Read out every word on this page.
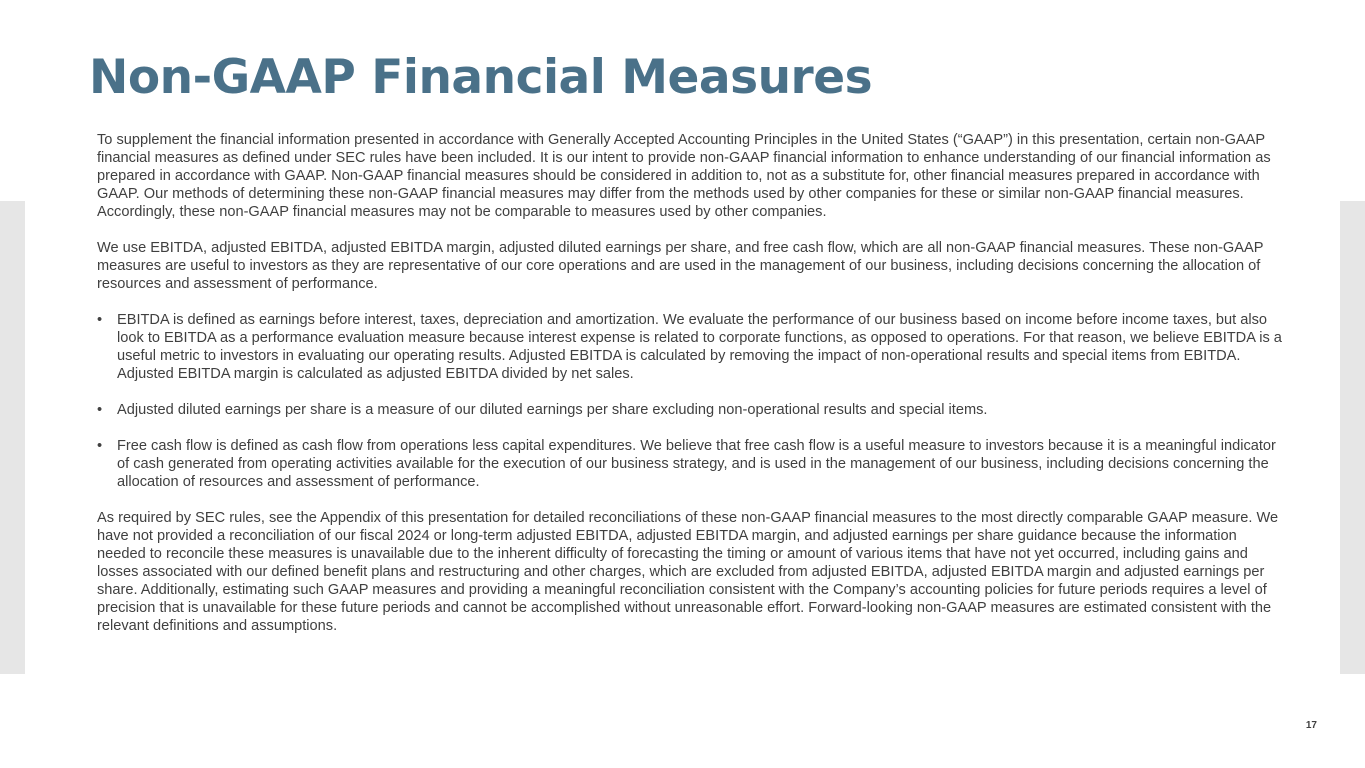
Non-GAAP Financial Measures

To supplement the financial information presented in accordance with Generally Accepted Accounting Principles in the United States (“GAAP”) in this presentation, certain non-GAAP financial measures as defined under SEC rules have been included. It is our intent to provide non-GAAP financial information to enhance understanding of our financial information as prepared in accordance with GAAP. Non-GAAP financial measures should be considered in addition to, not as a substitute for, other financial measures prepared in accordance with GAAP. Our methods of determining these non-GAAP financial measures may differ from the methods used by other companies for these or similar non-GAAP financial measures. Accordingly, these non-GAAP financial measures may not be comparable to measures used by other companies.

We use EBITDA, adjusted EBITDA, adjusted EBITDA margin, adjusted diluted earnings per share, and free cash flow, which are all non-GAAP financial measures. These non-GAAP measures are useful to investors as they are representative of our core operations and are used in the management of our business, including decisions concerning the allocation of resources and assessment of performance.

• EBITDA is defined as earnings before interest, taxes, depreciation and amortization. We evaluate the performance of our business based on income before income taxes, but also look to EBITDA as a performance evaluation measure because interest expense is related to corporate functions, as opposed to operations. For that reason, we believe EBITDA is a useful metric to investors in evaluating our operating results. Adjusted EBITDA is calculated by removing the impact of non-operational results and special items from EBITDA. Adjusted EBITDA margin is calculated as adjusted EBITDA divided by net sales.
• Adjusted diluted earnings per share is a measure of our diluted earnings per share excluding non-operational results and special items.
• Free cash flow is defined as cash flow from operations less capital expenditures. We believe that free cash flow is a useful measure to investors because it is a meaningful indicator of cash generated from operating activities available for the execution of our business strategy, and is used in the management of our business, including decisions concerning the allocation of resources and assessment of performance.

As required by SEC rules, see the Appendix of this presentation for detailed reconciliations of these non-GAAP financial measures to the most directly comparable GAAP measure. We have not provided a reconciliation of our fiscal 2024 or long-term adjusted EBITDA, adjusted EBITDA margin, and adjusted earnings per share guidance because the information needed to reconcile these measures is unavailable due to the inherent difficulty of forecasting the timing or amount of various items that have not yet occurred, including gains and losses associated with our defined benefit plans and restructuring and other charges, which are excluded from adjusted EBITDA, adjusted EBITDA margin and adjusted earnings per share. Additionally, estimating such GAAP measures and providing a meaningful reconciliation consistent with the Company’s accounting policies for future periods requires a level of precision that is unavailable for these future periods and cannot be accomplished without unreasonable effort. Forward-looking non-GAAP measures are estimated consistent with the relevant definitions and assumptions.

17
